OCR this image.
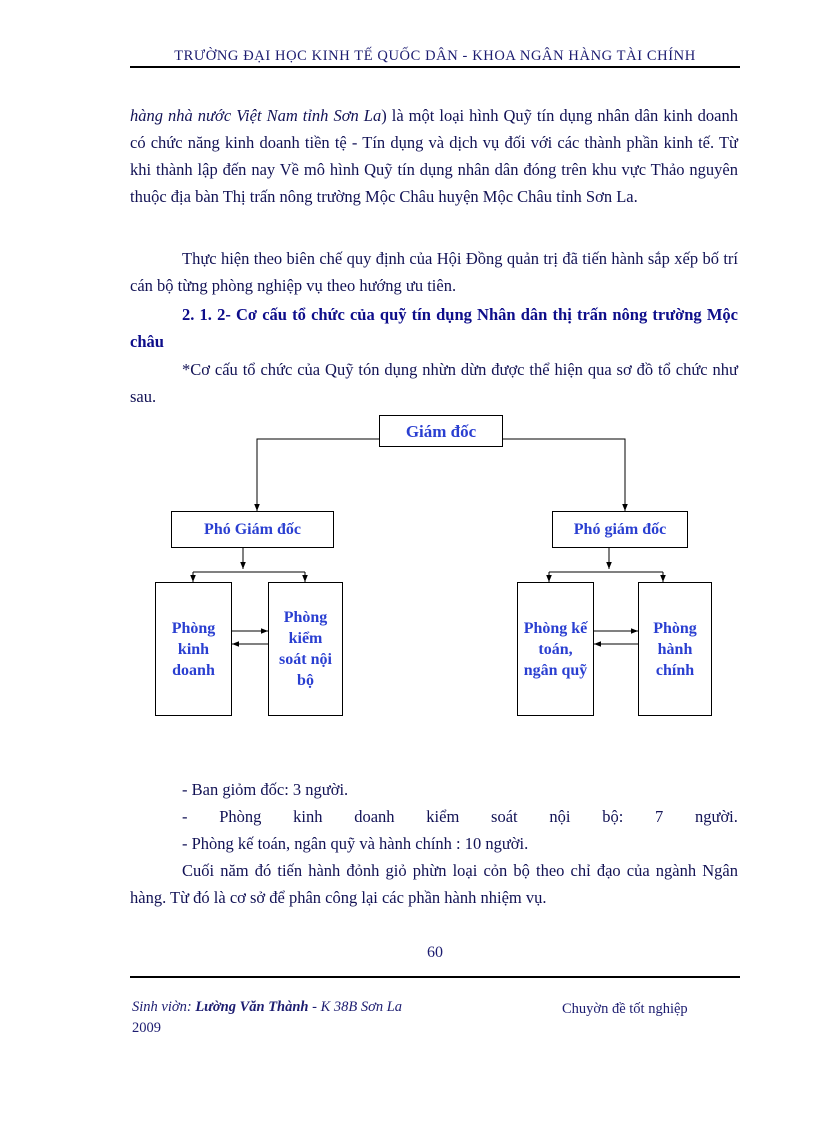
TRƯỜNG ĐẠI HỌC KINH TẾ QUỐC DÂN - KHOA NGÂN HÀNG TÀI CHÍNH
hàng nhà nước Việt Nam tỉnh Sơn La) là một loại hình Quỹ tín dụng nhân dân kinh doanh có chức năng kinh doanh tiền tệ - Tín dụng và dịch vụ đối với các thành phần kinh tế. Từ khi thành lập đến nay Về mô hình Quỹ tín dụng nhân dân đóng trên khu vực Thảo nguyên thuộc địa bàn Thị trấn nông trường Mộc Châu huyện Mộc Châu tỉnh Sơn La.
Thực hiện theo biên chế quy định của Hội Đồng quản trị đã tiến hành sắp xếp bố trí cán bộ từng phòng nghiệp vụ theo hướng ưu tiên.
2. 1. 2- Cơ cấu tổ chức của quỹ tín dụng Nhân dân thị trấn nông trường Mộc châu
*Cơ cấu tổ chức của Quỹ tón dụng nhừn dừn được thể hiện qua sơ đồ tổ chức như sau.
Giám đốc
Phó Giám đốc	Phó giám đốc
Phòng kinh doanh
Phòng kiểm soát nội bộ
Phòng kế toán, ngân quỹ
Phòng hành chính
- Ban giỏm đốc: 3 người.
- Phòng kinh doanh kiểm soát nội bộ: 7 người.
- Phòng kế toán, ngân quỹ và hành chính : 10 người.
Cuối năm đó tiến hành đỏnh giỏ phừn loại cỏn bộ theo chỉ đạo của ngành Ngân hàng. Từ đó là cơ sở để phân công lại các phần hành nhiệm vụ.
60
Sinh viờn: Lường Văn Thành - K 38B Sơn La
2009
Chuyờn đề tốt nghiệp
